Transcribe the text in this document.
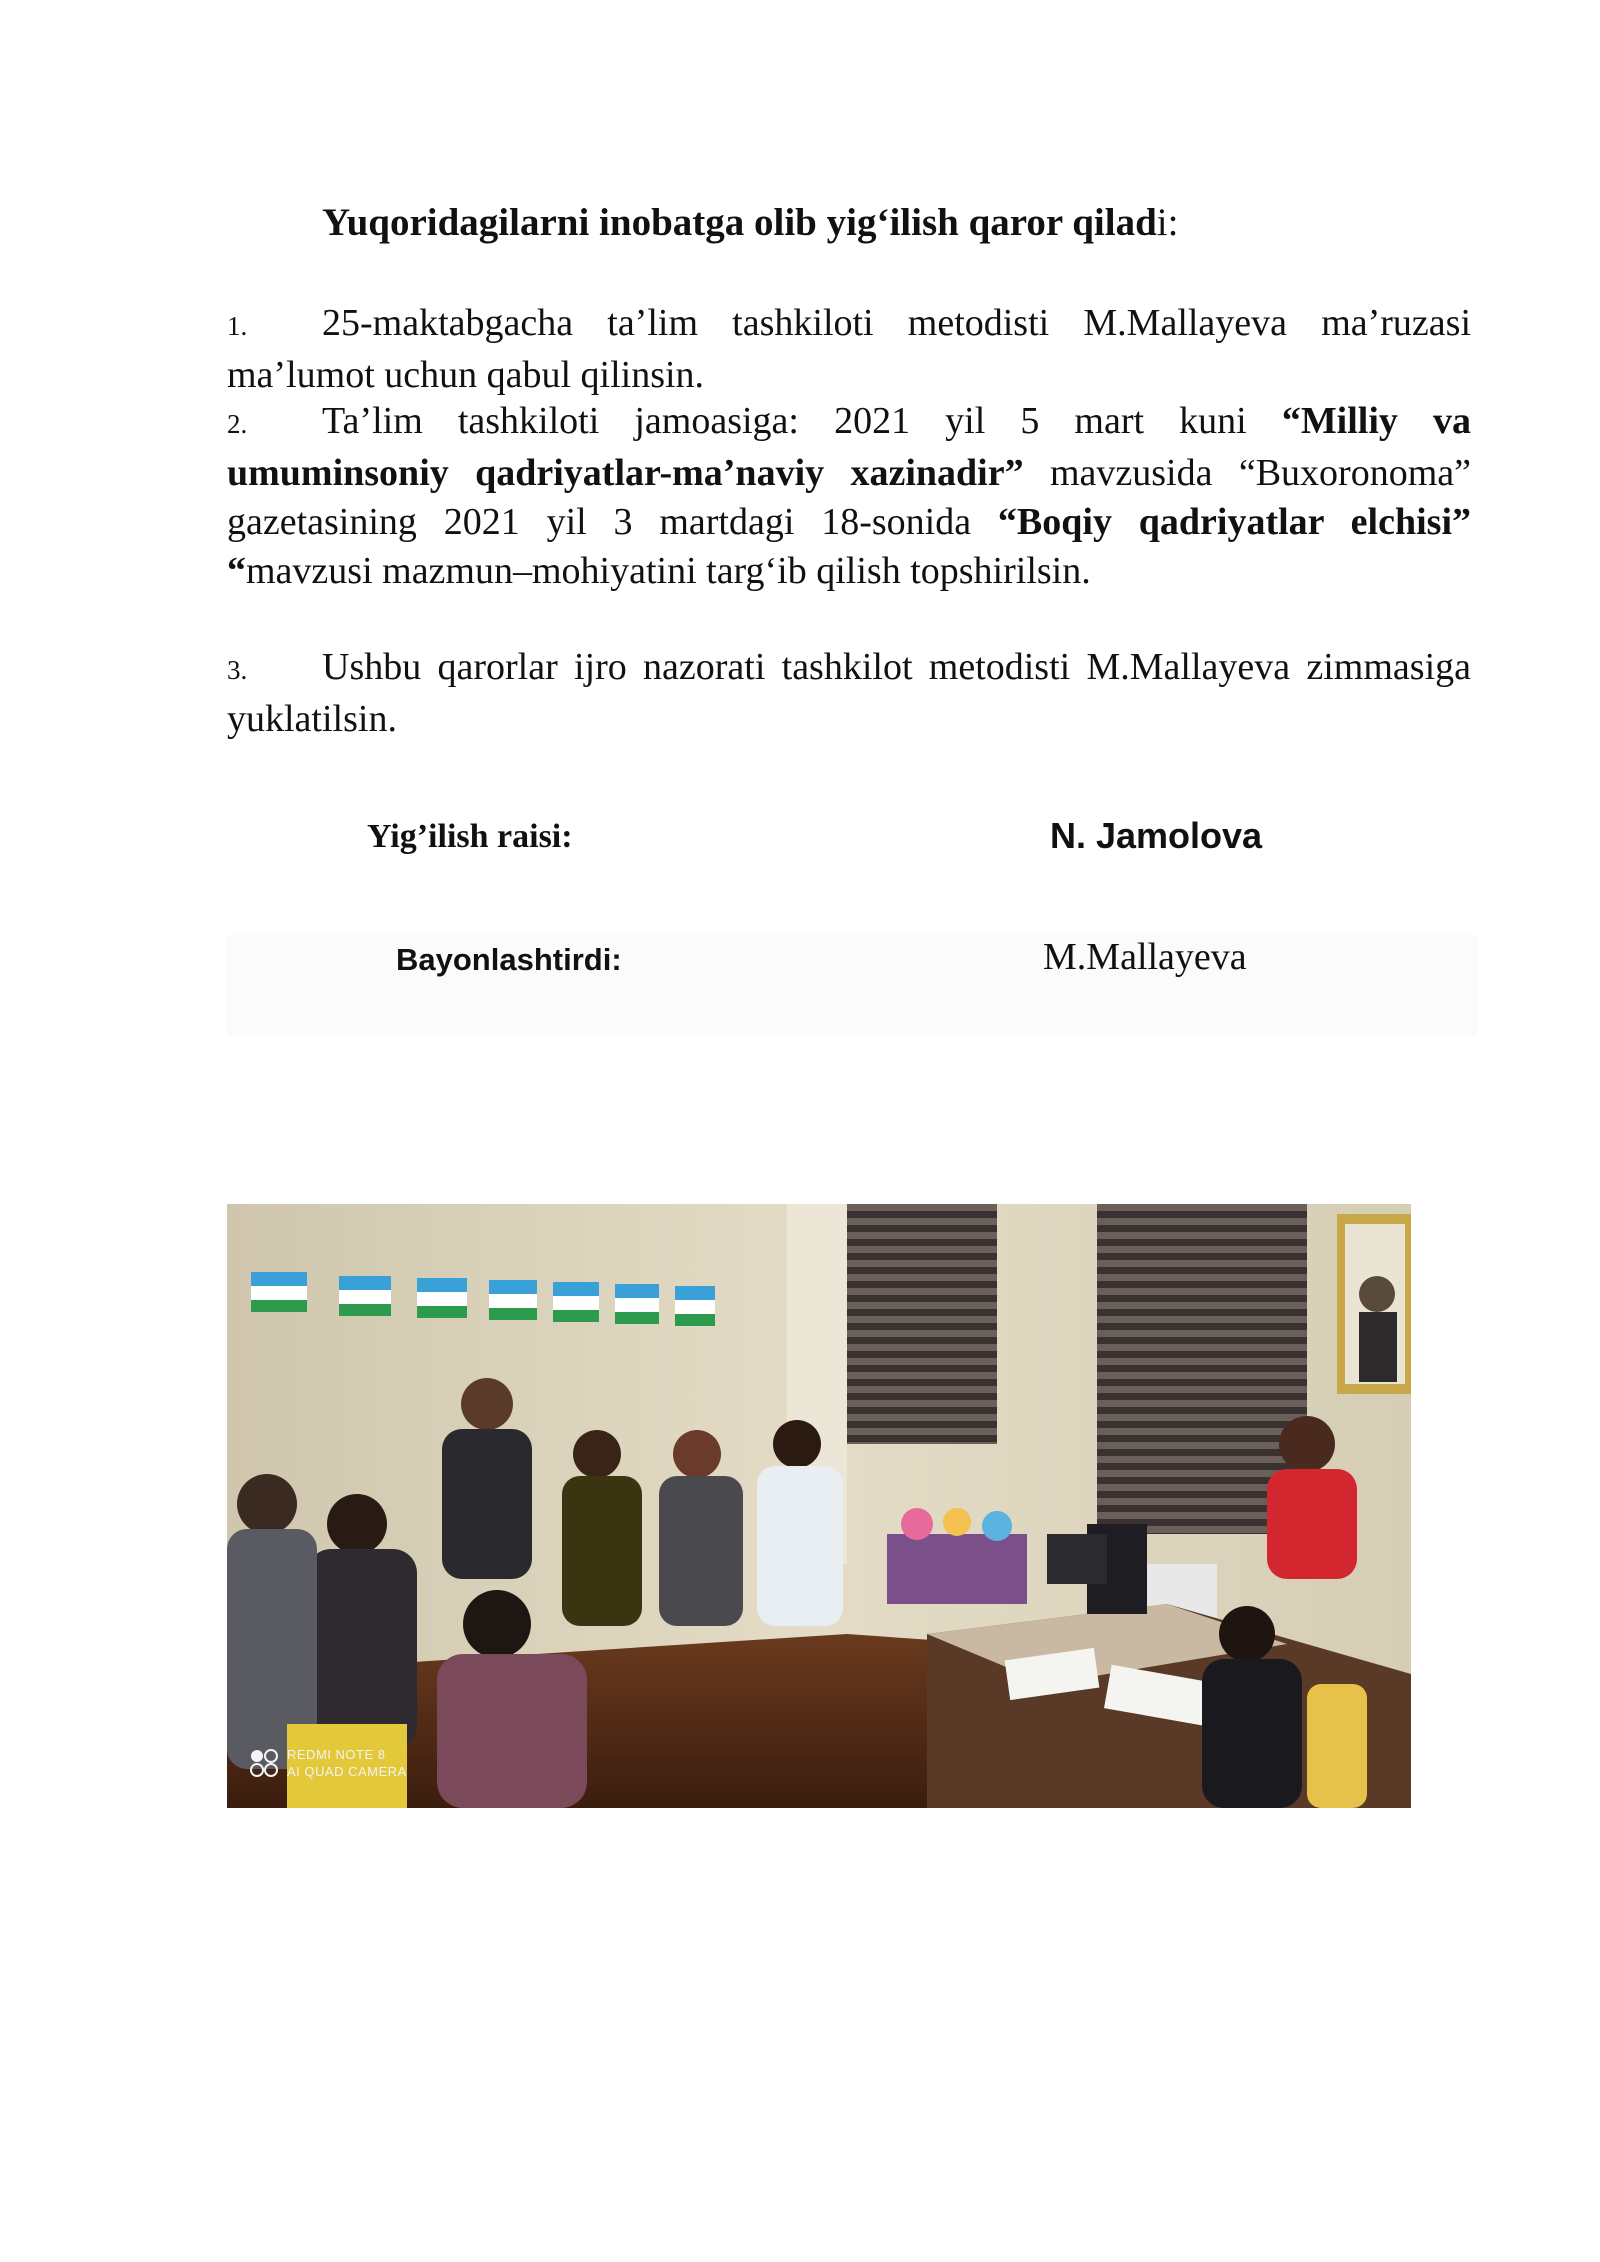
Yuqoridagilarni inobatga olib yig‘ilish qaror qiladi:
1. 25-maktabgacha ta’lim tashkiloti metodisti M.Mallayeva ma’ruzasi ma’lumot uchun qabul qilinsin.
2. Ta’lim tashkiloti jamoasiga: 2021 yil 5 mart kuni “Milliy va umuminsoniy qadriyatlar-ma’naviy xazinadir” mavzusida “Buxoronoma” gazetasining 2021 yil 3 martdagi 18-sonida “Boqiy qadriyatlar elchisi” “mavzusi mazmun–mohiyatini targ‘ib qilish topshirilsin.
3. Ushbu qarorlar ijro nazorati tashkilot metodisti M.Mallayeva zimmasiga yuklatilsin.
Yig’ilish raisi:	N. Jamolova
Bayonlashtirdi:	M.Mallayeva
REDMI NOTE 8
AI QUAD CAMERA
